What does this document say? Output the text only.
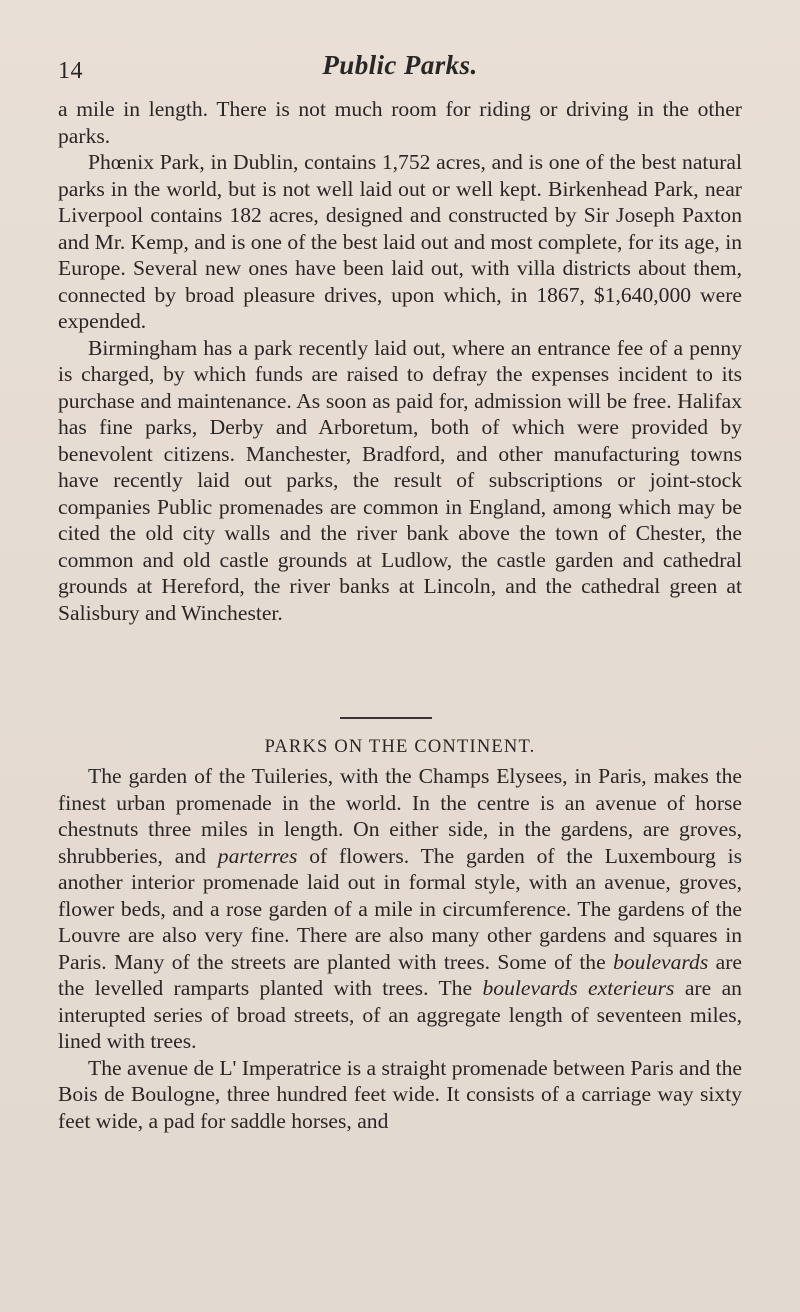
14	Public Parks.

a mile in length. There is not much room for riding or driving in the other parks.

Phœnix Park, in Dublin, contains 1,752 acres, and is one of the best natural parks in the world, but is not well laid out or well kept. Birkenhead Park, near Liverpool contains 182 acres, designed and constructed by Sir Joseph Paxton and Mr. Kemp, and is one of the best laid out and most complete, for its age, in Europe. Several new ones have been laid out, with villa districts about them, connected by broad pleasure drives, upon which, in 1867, $1,640,000 were expended.

Birmingham has a park recently laid out, where an entrance fee of a penny is charged, by which funds are raised to defray the expenses incident to its purchase and maintenance. As soon as paid for, admission will be free. Halifax has fine parks, Derby and Arboretum, both of which were provided by benevolent citizens. Manchester, Bradford, and other manufacturing towns have recently laid out parks, the result of subscriptions or joint-stock companies Public promenades are common in England, among which may be cited the old city walls and the river bank above the town of Chester, the common and old castle grounds at Ludlow, the castle garden and cathedral grounds at Hereford, the river banks at Lincoln, and the cathedral green at Salisbury and Winchester.

PARKS ON THE CONTINENT.

The garden of the Tuileries, with the Champs Elysees, in Paris, makes the finest urban promenade in the world. In the centre is an avenue of horse chestnuts three miles in length. On either side, in the gardens, are groves, shrubberies, and parterres of flowers. The garden of the Luxembourg is another interior promenade laid out in formal style, with an avenue, groves, flower beds, and a rose garden of a mile in circumference. The gardens of the Louvre are also very fine. There are also many other gardens and squares in Paris. Many of the streets are planted with trees. Some of the boulevards are the levelled ramparts planted with trees. The boulevards exterieurs are an interupted series of broad streets, of an aggregate length of seventeen miles, lined with trees.

The avenue de L' Imperatrice is a straight promenade between Paris and the Bois de Boulogne, three hundred feet wide. It consists of a carriage way sixty feet wide, a pad for saddle horses, and
